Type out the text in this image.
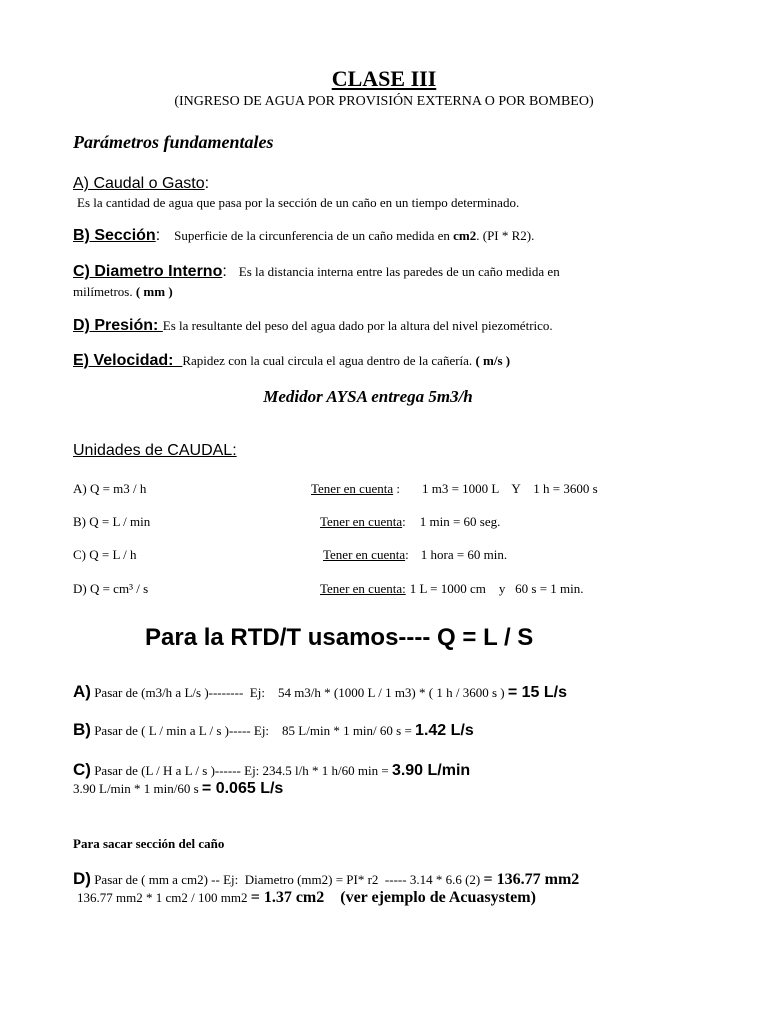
CLASE III
(INGRESO DE AGUA POR PROVISIÓN EXTERNA O POR BOMBEO)
Parámetros fundamentales
A) Caudal o Gasto:
Es la cantidad de agua que pasa por la sección de un caño en un tiempo determinado.
B) Sección: Superficie de la circunferencia de un caño medida en cm2. (PI * R2).
C) Diametro Interno: Es la distancia interna entre las paredes de un caño medida en
milímetros. ( mm )
D) Presión: Es la resultante del peso del agua dado por la altura del nivel piezométrico.
E) Velocidad:  Rapidez con la cual circula el agua dentro de la cañería. ( m/s )
Medidor AYSA entrega 5m3/h
Unidades de CAUDAL:
A) Q = m3 / h	Tener en cuenta : 1 m3 = 1000 L    Y    1 h = 3600 s
B) Q = L / min	Tener en cuenta: 1 min = 60 seg.
C) Q = L / h	Tener en cuenta: 1 hora = 60 min.
D) Q = cm³ / s	Tener en cuenta: 1 L = 1000 cm    y   60 s = 1 min.
Para la RTD/T usamos---- Q = L / S
A) Pasar de (m3/h a L/s )--------  Ej:    54 m3/h * (1000 L / 1 m3) * ( 1 h / 3600 s ) = 15 L/s
B) Pasar de ( L / min a L / s )----- Ej:    85 L/min * 1 min/ 60 s = 1.42 L/s
C) Pasar de (L / H a L / s )------ Ej: 234.5 l/h * 1 h/60 min = 3.90 L/min
3.90 L/min * 1 min/60 s = 0.065 L/s
Para sacar sección del caño
D) Pasar de ( mm a cm2) -- Ej:  Diametro (mm2) = PI* r2  ----- 3.14 * 6.6 (2) = 136.77 mm2
136.77 mm2 * 1 cm2 / 100 mm2 = 1.37 cm2    (ver ejemplo de Acuasystem)
